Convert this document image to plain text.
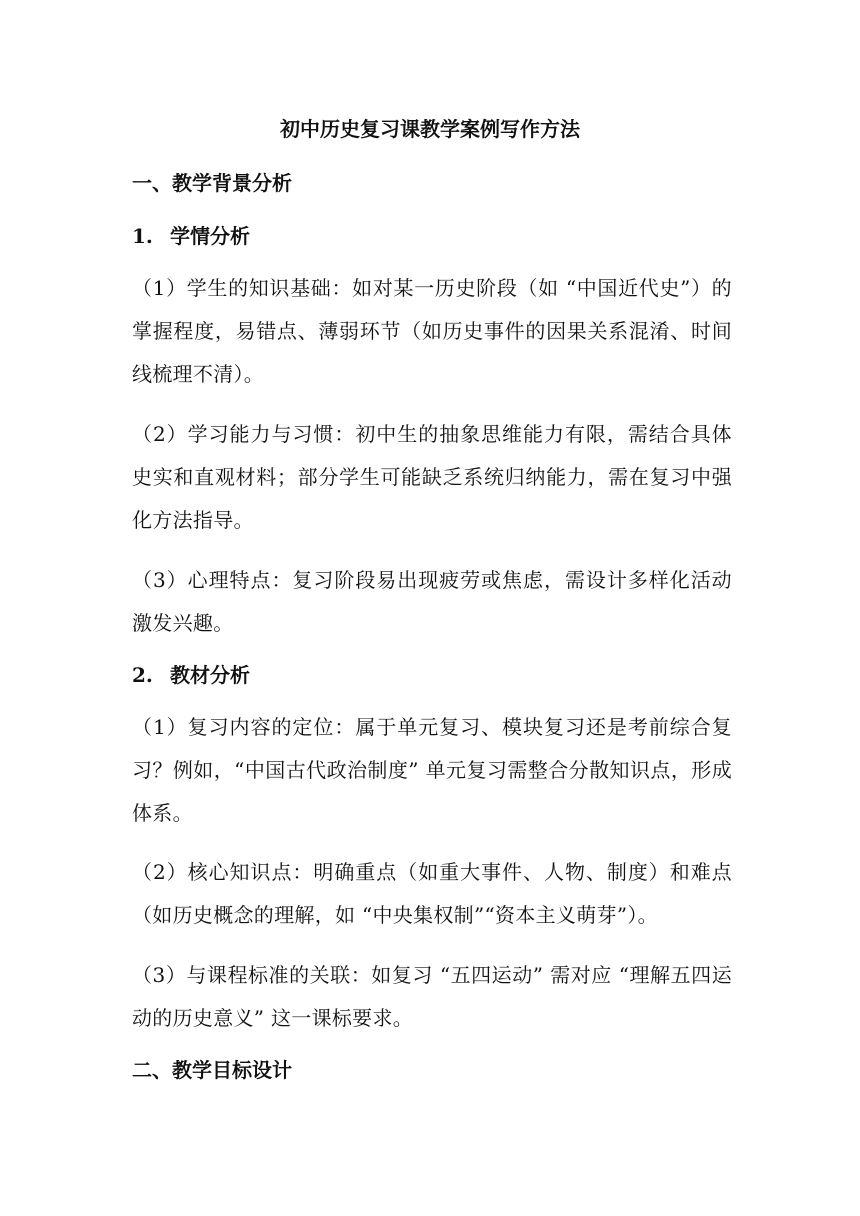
初中历史复习课教学案例写作方法
一、教学背景分析
1. 学情分析

（1）学生的知识基础：如对某一历史阶段（如 “中国近代史”）的掌握程度，易错点、薄弱环节（如历史事件的因果关系混淆、时间线梳理不清）。

（2）学习能力与习惯：初中生的抽象思维能力有限，需结合具体史实和直观材料；部分学生可能缺乏系统归纳能力，需在复习中强化方法指导。

（3）心理特点：复习阶段易出现疲劳或焦虑，需设计多样化活动激发兴趣。

2. 教材分析

（1）复习内容的定位：属于单元复习、模块复习还是考前综合复习？例如，“中国古代政治制度” 单元复习需整合分散知识点，形成体系。

（2）核心知识点：明确重点（如重大事件、人物、制度）和难点（如历史概念的理解，如 “中央集权制”“资本主义萌芽”）。

（3）与课程标准的关联：如复习 “五四运动” 需对应 “理解五四运动的历史意义” 这一课标要求。

二、教学目标设计
